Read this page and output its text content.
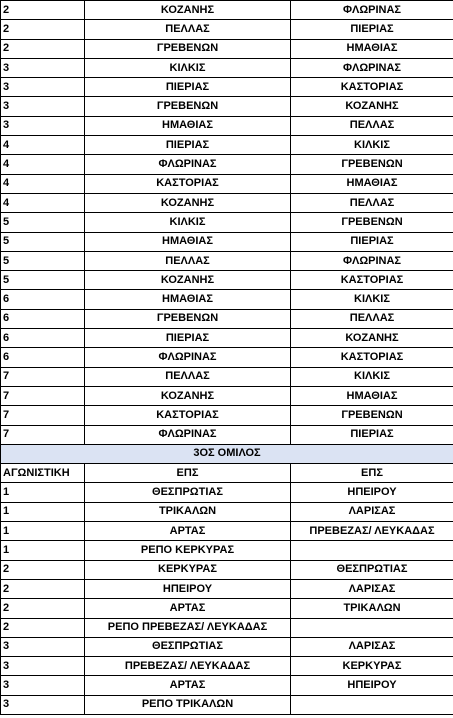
2	ΚΟΖΑΝΗΣ	ΦΛΩΡΙΝΑΣ
2	ΠΕΛΛΑΣ	ΠΙΕΡΙΑΣ
2	ΓΡΕΒΕΝΩΝ	ΗΜΑΘΙΑΣ
3	ΚΙΛΚΙΣ	ΦΛΩΡΙΝΑΣ
3	ΠΙΕΡΙΑΣ	ΚΑΣΤΟΡΙΑΣ
3	ΓΡΕΒΕΝΩΝ	ΚΟΖΑΝΗΣ
3	ΗΜΑΘΙΑΣ	ΠΕΛΛΑΣ
4	ΠΙΕΡΙΑΣ	ΚΙΛΚΙΣ
4	ΦΛΩΡΙΝΑΣ	ΓΡΕΒΕΝΩΝ
4	ΚΑΣΤΟΡΙΑΣ	ΗΜΑΘΙΑΣ
4	ΚΟΖΑΝΗΣ	ΠΕΛΛΑΣ
5	ΚΙΛΚΙΣ	ΓΡΕΒΕΝΩΝ
5	ΗΜΑΘΙΑΣ	ΠΙΕΡΙΑΣ
5	ΠΕΛΛΑΣ	ΦΛΩΡΙΝΑΣ
5	ΚΟΖΑΝΗΣ	ΚΑΣΤΟΡΙΑΣ
6	ΗΜΑΘΙΑΣ	ΚΙΛΚΙΣ
6	ΓΡΕΒΕΝΩΝ	ΠΕΛΛΑΣ
6	ΠΙΕΡΙΑΣ	ΚΟΖΑΝΗΣ
6	ΦΛΩΡΙΝΑΣ	ΚΑΣΤΟΡΙΑΣ
7	ΠΕΛΛΑΣ	ΚΙΛΚΙΣ
7	ΚΟΖΑΝΗΣ	ΗΜΑΘΙΑΣ
7	ΚΑΣΤΟΡΙΑΣ	ΓΡΕΒΕΝΩΝ
7	ΦΛΩΡΙΝΑΣ	ΠΙΕΡΙΑΣ
3ΟΣ ΟΜΙΛΟΣ		
ΑΓΩΝΙΣΤΙΚΗ	ΕΠΣ	ΕΠΣ
1	ΘΕΣΠΡΩΤΙΑΣ	ΗΠΕΙΡΟΥ
1	ΤΡΙΚΑΛΩΝ	ΛΑΡΙΣΑΣ
1	ΑΡΤΑΣ	ΠΡΕΒΕΖΑΣ/ ΛΕΥΚΑΔΑΣ
1	ΡΕΠΟ ΚΕΡΚΥΡΑΣ	
2	ΚΕΡΚΥΡΑΣ	ΘΕΣΠΡΩΤΙΑΣ
2	ΗΠΕΙΡΟΥ	ΛΑΡΙΣΑΣ
2	ΑΡΤΑΣ	ΤΡΙΚΑΛΩΝ
2	ΡΕΠΟ ΠΡΕΒΕΖΑΣ/ ΛΕΥΚΑΔΑΣ	
3	ΘΕΣΠΡΩΤΙΑΣ	ΛΑΡΙΣΑΣ
3	ΠΡΕΒΕΖΑΣ/ ΛΕΥΚΑΔΑΣ	ΚΕΡΚΥΡΑΣ
3	ΑΡΤΑΣ	ΗΠΕΙΡΟΥ
3	ΡΕΠΟ ΤΡΙΚΑΛΩΝ	
